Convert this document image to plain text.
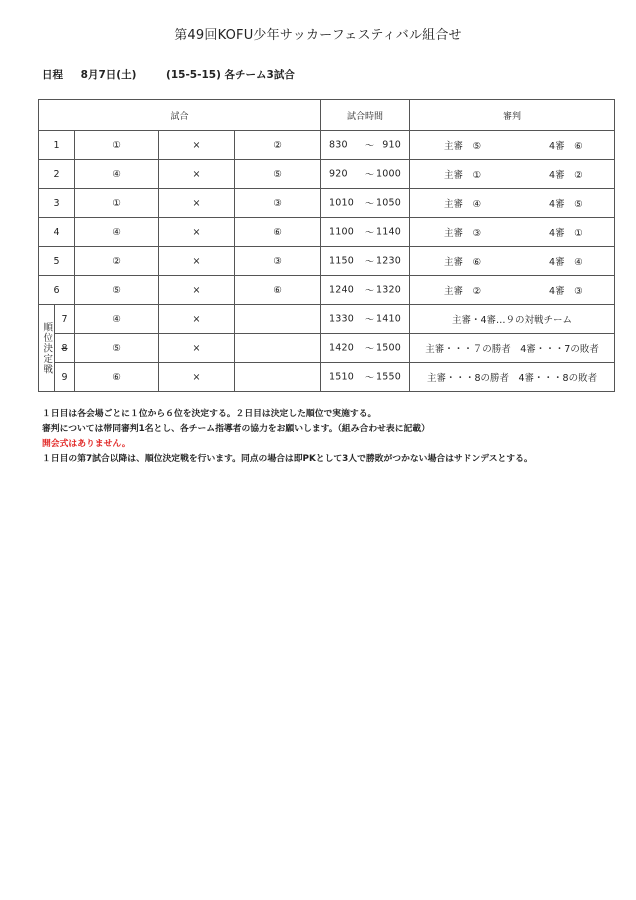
第49回KOFU少年サッカーフェスティバル組合せ
日程 8月7日(土)	(15-5-15) 各チーム3試合
試合					試合時間	審判
1		①	×	②	830 〜 910	主審　⑤ 4審　⑥

2		④	×	⑤	920 〜 1000	主審　① 4審　②

3		①	×	③	1010 〜 1050	主審　④ 4審　⑤

4		④	×	⑥	1100 〜 1140	主審　③ 4審　①

5		②	×	③	1150 〜 1230	主審　⑥ 4審　④

6		⑤	×	⑥	1240 〜 1320	主審　② 4審　③

順位決定戦	7	④	×		1330 〜 1410	主審・4審…９の対戦チーム
	8	⑤	×		1420 〜 1500	主審・・・７の勝者　4審・・・7の敗者
	9	⑥	×		1510 〜 1550	主審・・・8の勝者　4審・・・8の敗者
１日目は各会場ごとに１位から６位を決定する。２日目は決定した順位で実施する。
審判については帯同審判1名とし、各チーム指導者の協力をお願いします。（組み合わせ表に記載）
開会式はありません。
１日目の第7試合以降は、順位決定戦を行います。同点の場合は即PKとして3人で勝敗がつかない場合はサドンデスとする。
